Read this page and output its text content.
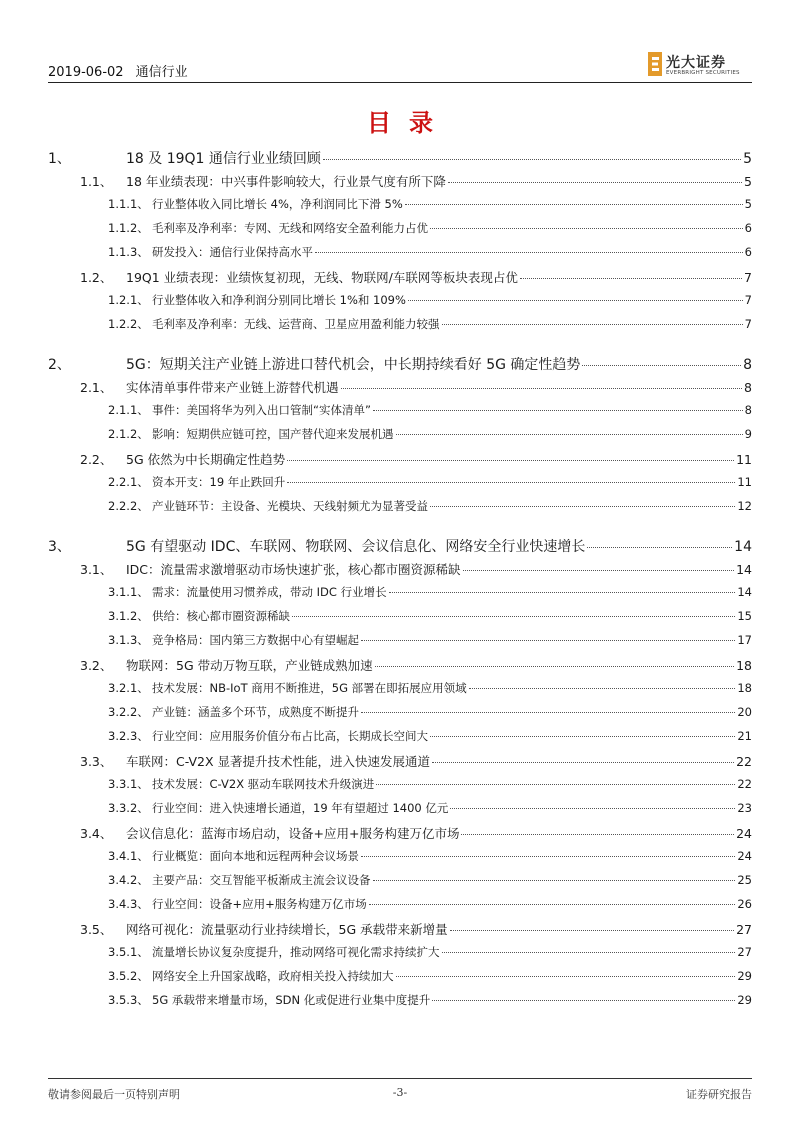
2019-06-02 通信行业
光大证券
EVERBRIGHT SECURITIES
目录
1、	18 及 19Q1 通信行业业绩回顾	5
1.1、	18 年业绩表现：中兴事件影响较大，行业景气度有所下降	5
1.1.1、 行业整体收入同比增长 4%，净利润同比下滑 5%	5
1.1.2、 毛利率及净利率：专网、无线和网络安全盈利能力占优	6
1.1.3、 研发投入：通信行业保持高水平	6
1.2、	19Q1 业绩表现：业绩恢复初现，无线、物联网/车联网等板块表现占优	7
1.2.1、 行业整体收入和净利润分别同比增长 1%和 109%	7
1.2.2、 毛利率及净利率：无线、运营商、卫星应用盈利能力较强	7
2、	5G：短期关注产业链上游进口替代机会，中长期持续看好 5G 确定性趋势	8
2.1、	实体清单事件带来产业链上游替代机遇	8
2.1.1、 事件：美国将华为列入出口管制“实体清单”	8
2.1.2、 影响：短期供应链可控，国产替代迎来发展机遇	9
2.2、	5G 依然为中长期确定性趋势	11
2.2.1、 资本开支：19 年止跌回升	11
2.2.2、 产业链环节：主设备、光模块、天线射频尤为显著受益	12
3、	5G 有望驱动 IDC、车联网、物联网、会议信息化、网络安全行业快速增长	14
3.1、	IDC：流量需求激增驱动市场快速扩张，核心都市圈资源稀缺	14
3.1.1、 需求：流量使用习惯养成，带动 IDC 行业增长	14
3.1.2、 供给：核心都市圈资源稀缺	15
3.1.3、 竞争格局：国内第三方数据中心有望崛起	17
3.2、	物联网：5G 带动万物互联，产业链成熟加速	18
3.2.1、 技术发展：NB-IoT 商用不断推进，5G 部署在即拓展应用领域	18
3.2.2、 产业链：涵盖多个环节，成熟度不断提升	20
3.2.3、 行业空间：应用服务价值分布占比高，长期成长空间大	21
3.3、	车联网：C-V2X 显著提升技术性能，进入快速发展通道	22
3.3.1、 技术发展：C-V2X 驱动车联网技术升级演进	22
3.3.2、 行业空间：进入快速增长通道，19 年有望超过 1400 亿元	23
3.4、	会议信息化：蓝海市场启动，设备+应用+服务构建万亿市场	24
3.4.1、 行业概览：面向本地和远程两种会议场景	24
3.4.2、 主要产品：交互智能平板渐成主流会议设备	25
3.4.3、 行业空间：设备+应用+服务构建万亿市场	26
3.5、	网络可视化：流量驱动行业持续增长，5G 承载带来新增量	27
3.5.1、 流量增长协议复杂度提升，推动网络可视化需求持续扩大	27
3.5.2、 网络安全上升国家战略，政府相关投入持续加大	29
3.5.3、 5G 承载带来增量市场，SDN 化或促进行业集中度提升	29
敬请参阅最后一页特别声明	-3-	证券研究报告
